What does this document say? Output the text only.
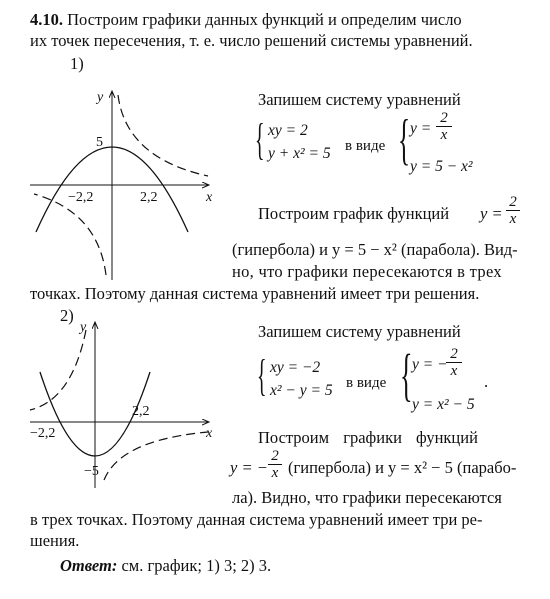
4.10. Построим графики данных функций и определим число
их точек пересечения, т. е. число решений системы уравнений.
1)
y
x
5
−2,2	2,2
Запишем систему уравнений
{ xy = 2
y + x² = 5 в виде { $y = \frac{2}{x}$
y = 5 − x²
Построим график функций $y = \frac{2}{x}$
(гипербола) и y = 5 − x² (парабола). Вид-
но, что графики пересекаются в трех
точках. Поэтому данная система уравнений имеет три решения.
2)
y
x
−2,2
2,2
−5
Запишем систему уравнений
{ xy = −2
x² − y = 5 в виде { y = −
$\frac{2}{x}$
.
y = x² − 5
Построим графики функций
y = − $\frac{2}{x}$ (гипербола) и y = x² − 5 (парабо-
ла). Видно, что графики пересекаются
в трех точках. Поэтому данная система уравнений имеет три ре-
шения.
Ответ: см. график; 1) 3; 2) 3.
